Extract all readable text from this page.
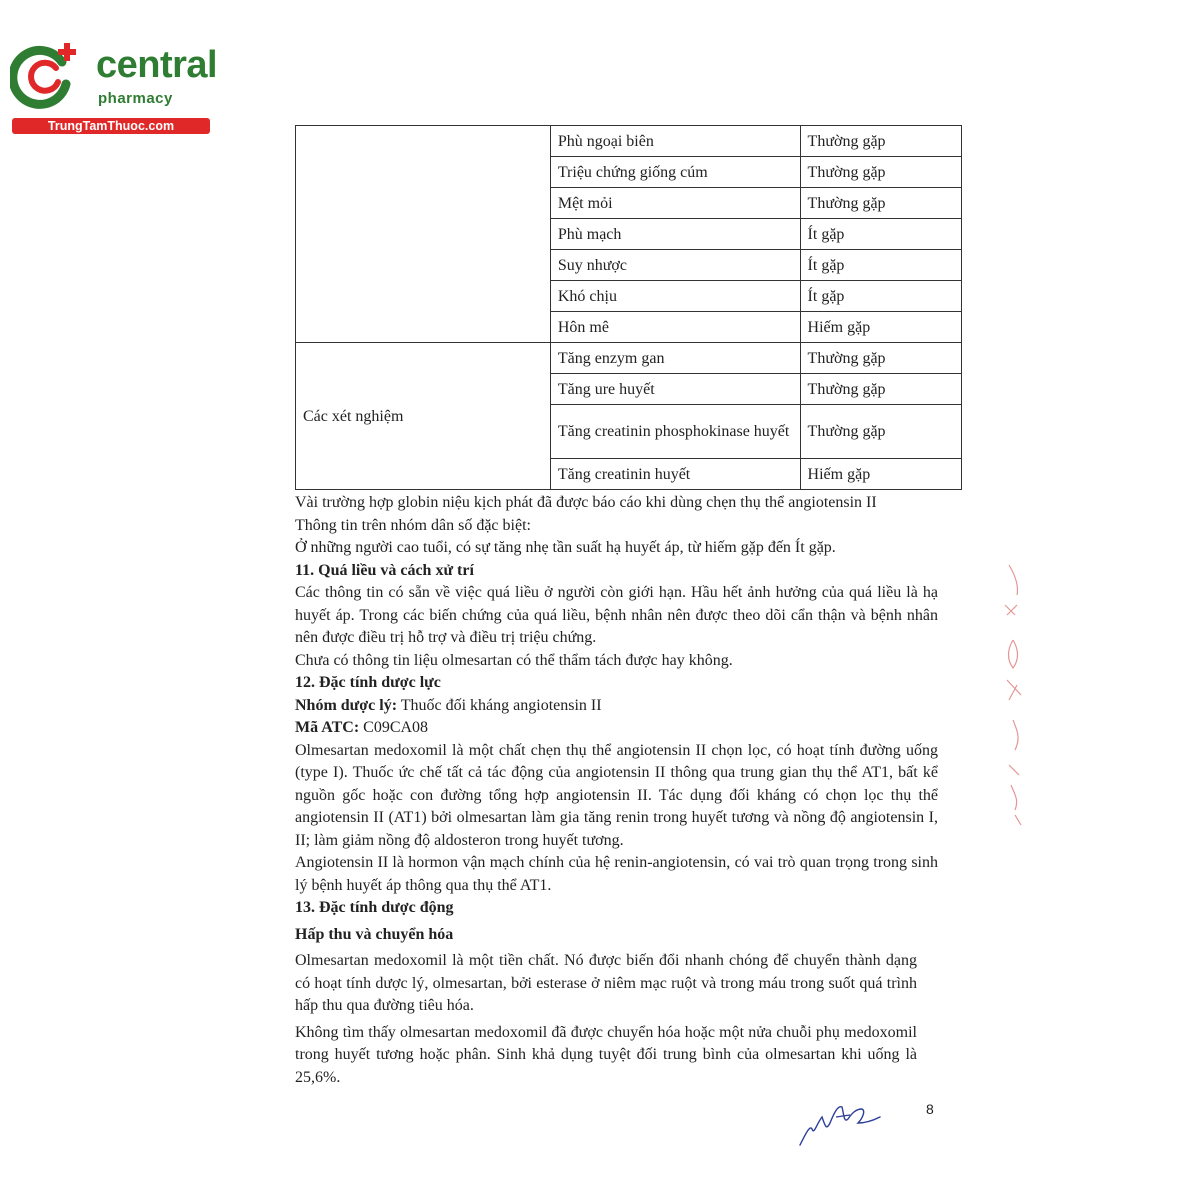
central
pharmacy
TrungTamThuoc.com
	Phù ngoại biên	Thường gặp
	Triệu chứng giống cúm	Thường gặp
	Mệt mỏi	Thường gặp
	Phù mạch	Ít gặp
	Suy nhược	Ít gặp
	Khó chịu	Ít gặp
	Hôn mê	Hiếm gặp
Các xét nghiệm	Tăng enzym gan	Thường gặp
	Tăng ure huyết	Thường gặp
	Tăng creatinin phosphokinase huyết	Thường gặp
	Tăng creatinin huyết	Hiếm gặp

Vài trường hợp globin niệu kịch phát đã được báo cáo khi dùng chẹn thụ thể angiotensin II

Thông tin trên nhóm dân số đặc biệt:

Ở những người cao tuổi, có sự tăng nhẹ tần suất hạ huyết áp, từ hiếm gặp đến Ít gặp.

11. Quá liều và cách xử trí

Các thông tin có sẵn về việc quá liều ở người còn giới hạn. Hầu hết ảnh hưởng của quá liều là hạ huyết áp. Trong các biến chứng của quá liều, bệnh nhân nên được theo dõi cẩn thận và bệnh nhân nên được điều trị hỗ trợ và điều trị triệu chứng.

Chưa có thông tin liệu olmesartan có thể thẩm tách được hay không.

12. Đặc tính dược lực

Nhóm dược lý: Thuốc đối kháng angiotensin II

Mã ATC: C09CA08

Olmesartan medoxomil là một chất chẹn thụ thể angiotensin II chọn lọc, có hoạt tính đường uống (type I). Thuốc ức chế tất cả tác động của angiotensin II thông qua trung gian thụ thể AT1, bất kể nguồn gốc hoặc con đường tổng hợp angiotensin II. Tác dụng đối kháng có chọn lọc thụ thể angiotensin II (AT1) bởi olmesartan làm gia tăng renin trong huyết tương và nồng độ angiotensin I, II; làm giảm nồng độ aldosteron trong huyết tương.

Angiotensin II là hormon vận mạch chính của hệ renin-angiotensin, có vai trò quan trọng trong sinh lý bệnh huyết áp thông qua thụ thể AT1.

13. Đặc tính dược động

Hấp thu và chuyển hóa

Olmesartan medoxomil là một tiền chất. Nó được biến đổi nhanh chóng để chuyển thành dạng có hoạt tính dược lý, olmesartan, bởi esterase ở niêm mạc ruột và trong máu trong suốt quá trình hấp thu qua đường tiêu hóa.

Không tìm thấy olmesartan medoxomil đã được chuyển hóa hoặc một nửa chuỗi phụ medoxomil trong huyết tương hoặc phân. Sinh khả dụng tuyệt đối trung bình của olmesartan khi uống là 25,6%.

8
